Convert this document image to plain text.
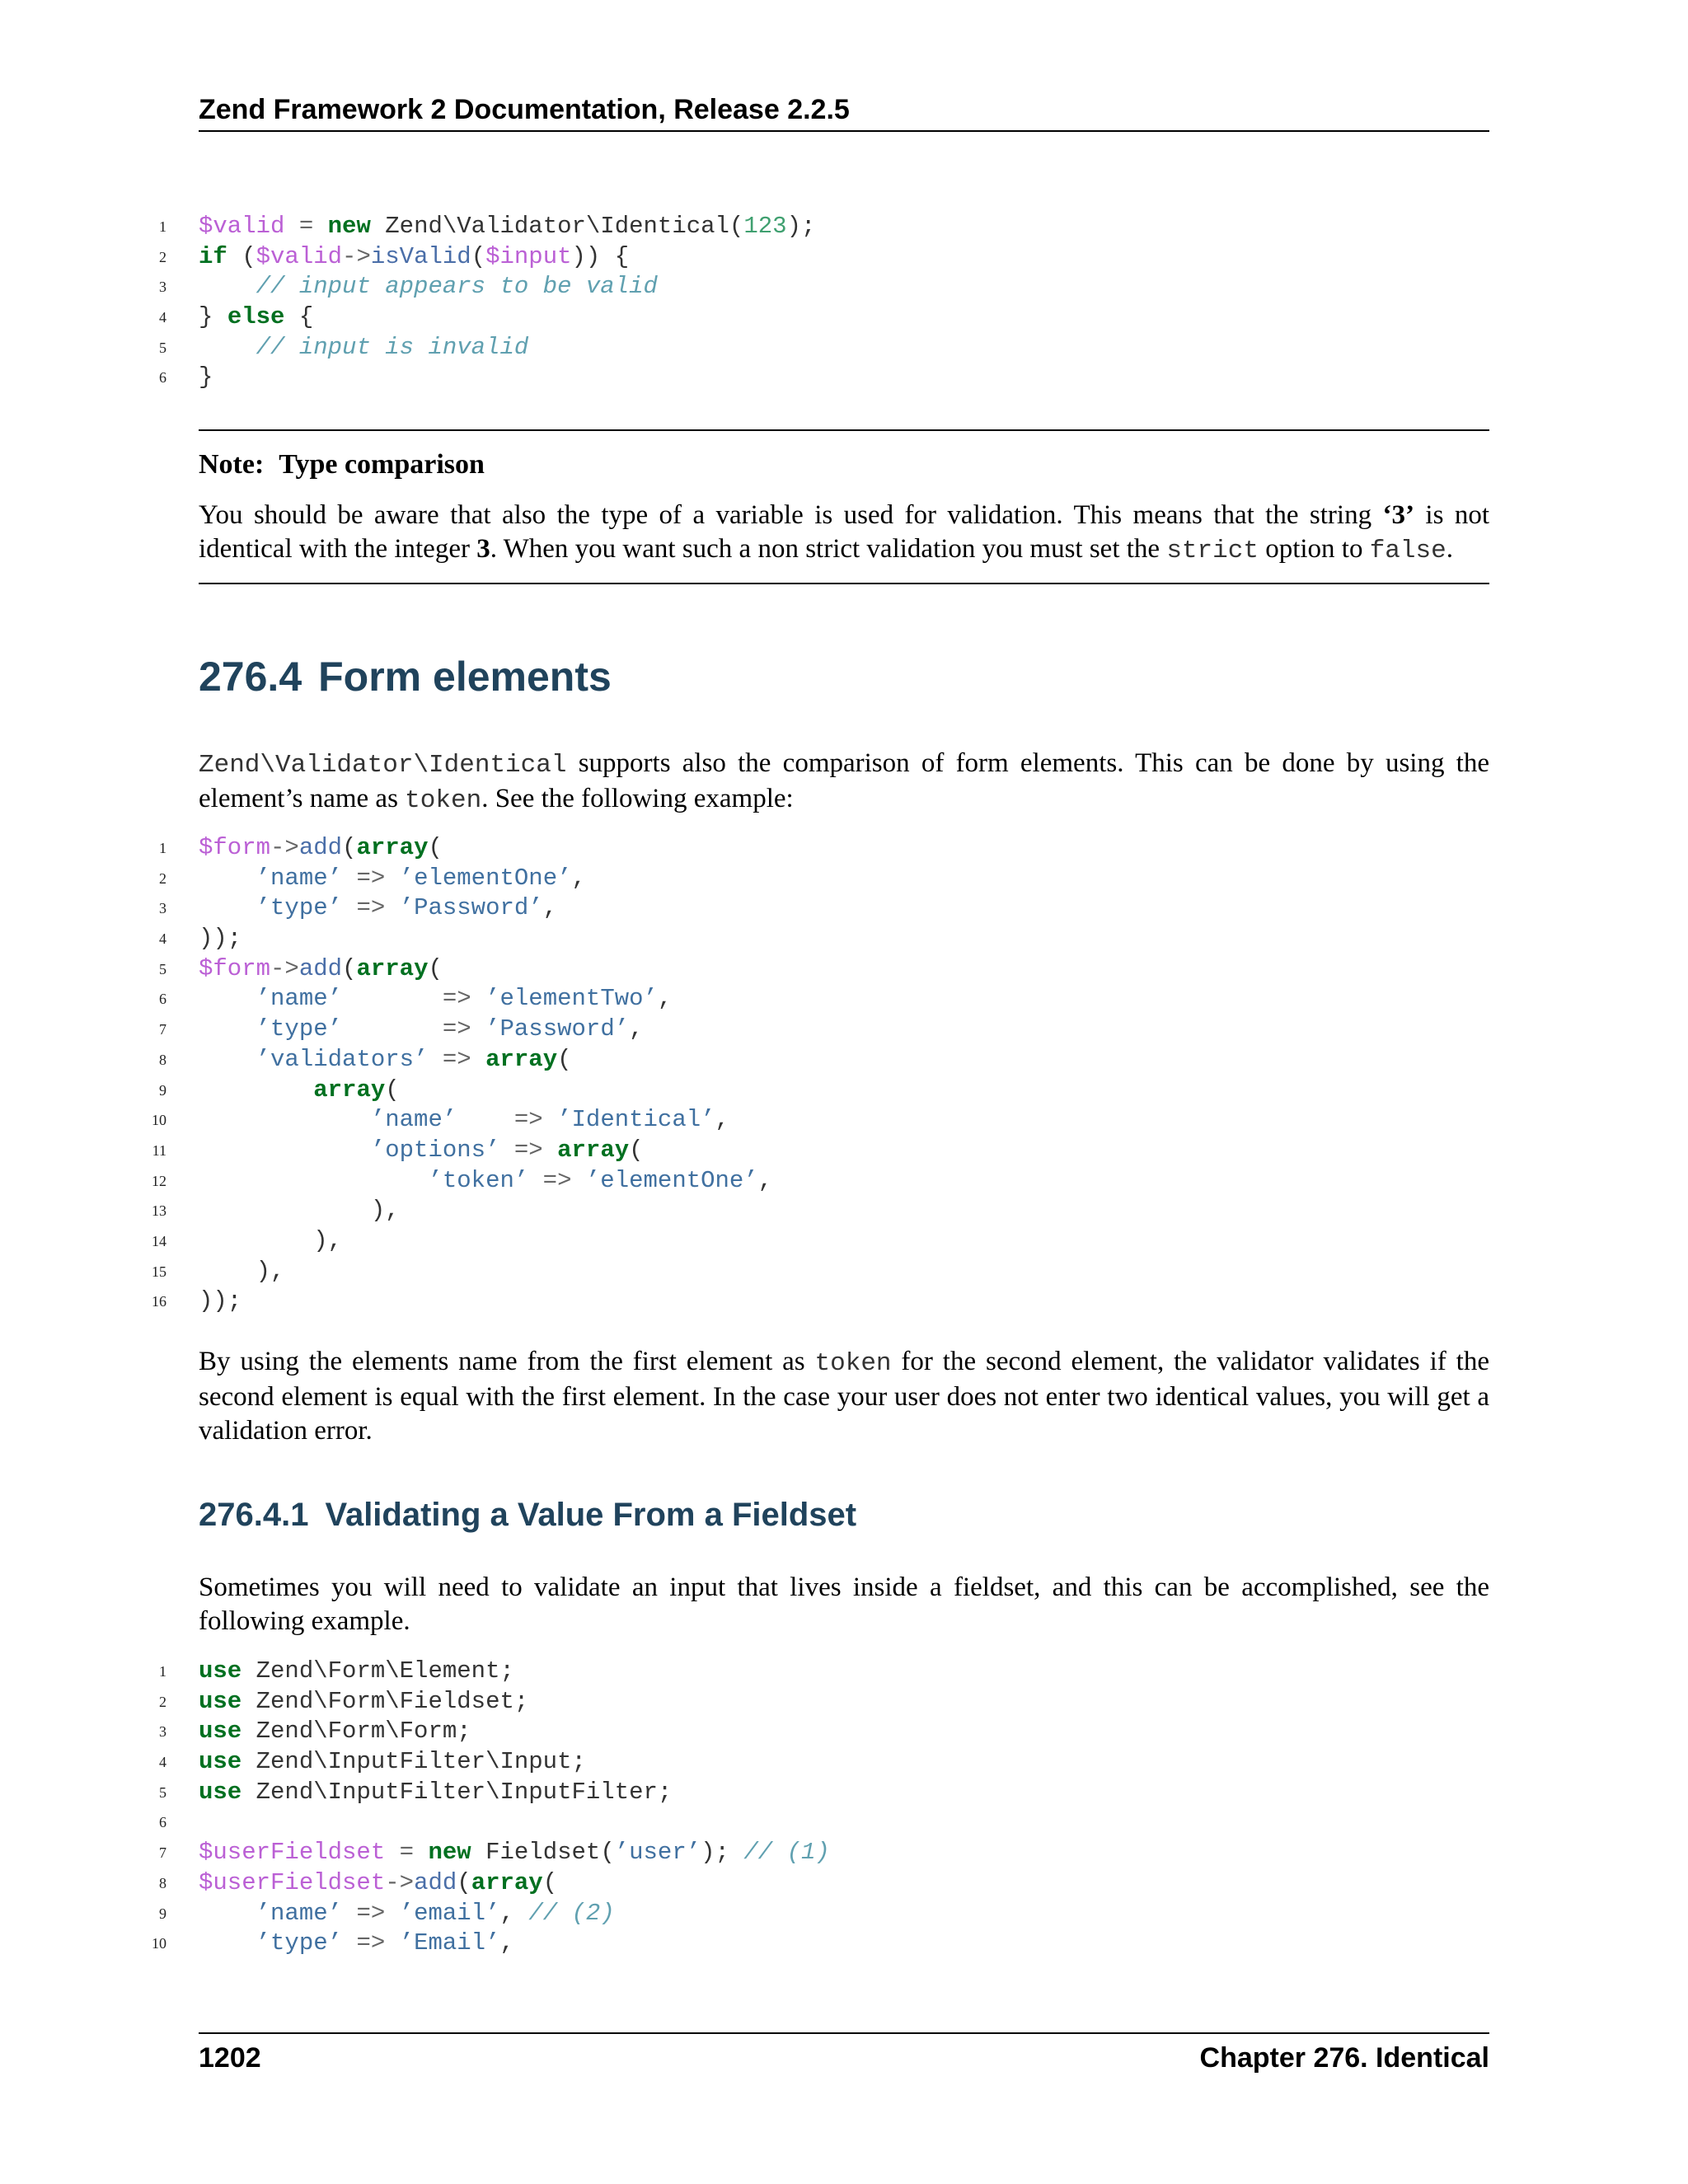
Zend Framework 2 Documentation, Release 2.2.5
1 $valid = new Zend\Validator\Identical(123);
2 if ($valid->isValid($input)) {
3	// input appears to be valid
4 } else {
5	// input is invalid
6 }
Note: Type comparison
You should be aware that also the type of a variable is used for validation. This means that the string ‘3’ is not identical with the integer 3. When you want such a non strict validation you must set the strict option to false.
276.4 Form elements
Zend\Validator\Identical supports also the comparison of form elements. This can be done by using the element’s name as token. See the following example:
1 $form->add(array(
2	’name’ => ’elementOne’,
3	’type’ => ’Password’,
4 ));
5 $form->add(array(
6	’name’	=> ’elementTwo’,
7	’type’	=> ’Password’,
8	’validators’ => array(
9	array(
10	’name’ => ’Identical’,
11	’options’ => array(
12	’token’ => ’elementOne’,
13 ),
14 ),
15 ),
16 ));
By using the elements name from the first element as token for the second element, the validator validates if the second element is equal with the first element. In the case your user does not enter two identical values, you will get a validation error.
276.4.1 Validating a Value From a Fieldset
Sometimes you will need to validate an input that lives inside a fieldset, and this can be accomplished, see the following example.
1 use Zend\Form\Element;
2 use Zend\Form\Fieldset;
3 use Zend\Form\Form;
4 use Zend\InputFilter\Input;
5 use Zend\InputFilter\InputFilter;
6
7 $userFieldset = new Fieldset(’user’); // (1)
8 $userFieldset->add(array(
9	’name’ => ’email’, // (2)
10	’type’ => ’Email’,
1202	Chapter 276. Identical
